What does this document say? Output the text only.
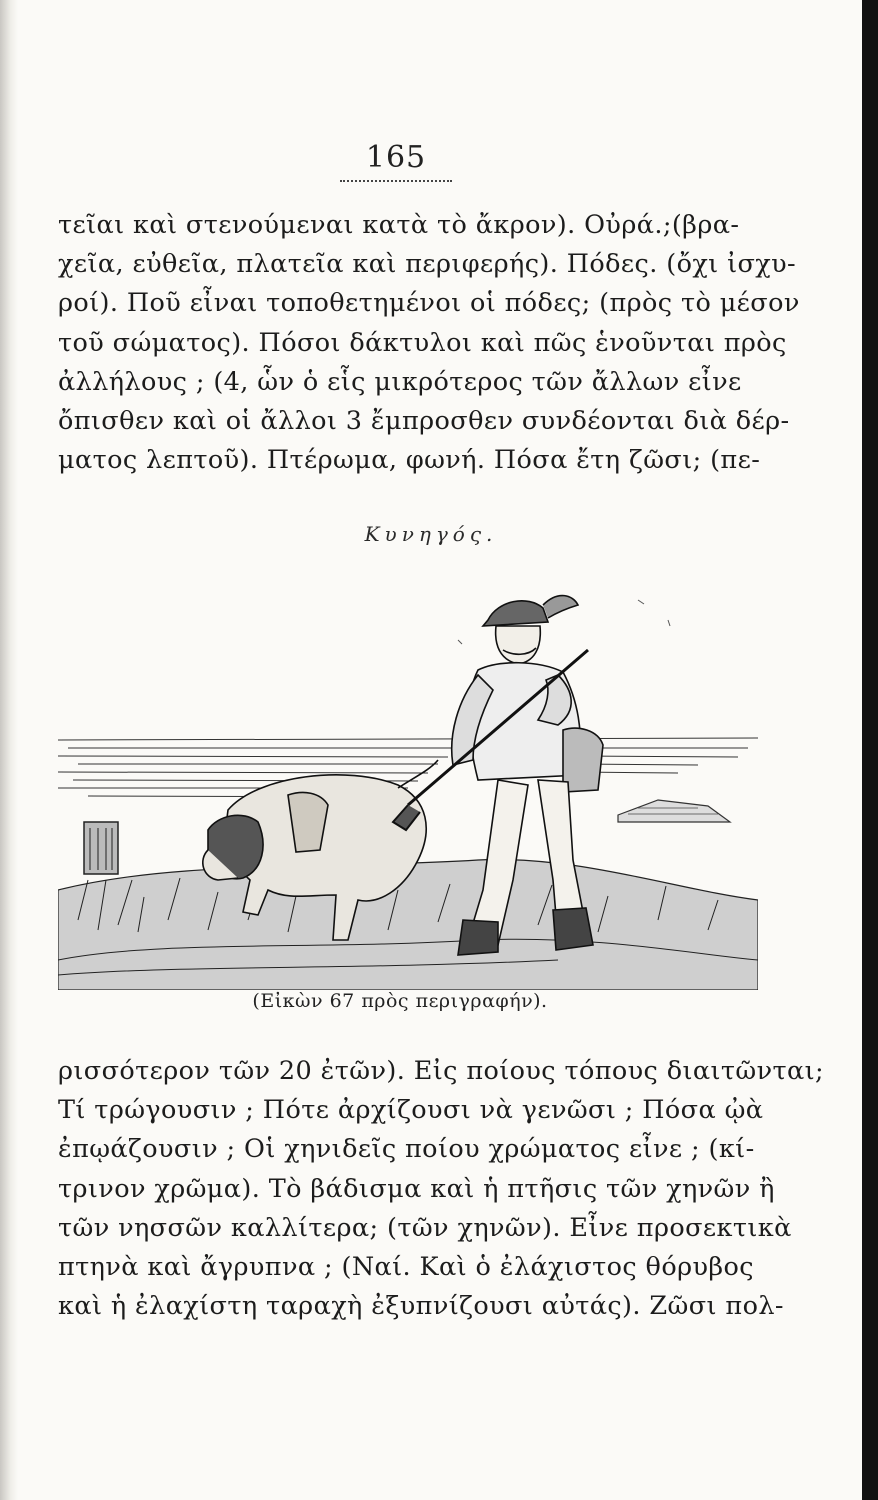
165
τεῖαι καὶ στενούμεναι κατὰ τὸ ἄκρον). Οὐρά.;(βρα-
χεῖα, εὐθεῖα, πλατεῖα καὶ περιφερής). Πόδες. (ὄχι ἰσχυ-
ροί). Ποῦ εἶναι τοποθετημένοι οἱ πόδες; (πρὸς τὸ μέσον
τοῦ σώματος). Πόσοι δάκτυλοι καὶ πῶς ἑνοῦνται πρὸς
ἀλλήλους ; (4, ὧν ὁ εἷς μικρότερος τῶν ἄλλων εἶνε
ὄπισθεν καὶ οἱ ἄλλοι 3 ἔμπροσθεν συνδέονται διὰ δέρ-
ματος λεπτοῦ). Πτέρωμα, φωνή. Πόσα ἔτη ζῶσι; (πε-
Κυνηγός.
(Εἰκὼν 67 πρὸς περιγραφήν).
ρισσότερον τῶν 20 ἐτῶν). Εἰς ποίους τόπους διαιτῶνται;
Τί τρώγουσιν ; Πότε ἀρχίζουσι νὰ γενῶσι ; Πόσα ᾠὰ
ἐπῳάζουσιν ; Οἱ χηνιδεῖς ποίου χρώματος εἶνε ; (κί-
τρινον χρῶμα). Τὸ βάδισμα καὶ ἡ πτῆσις τῶν χηνῶν ἢ
τῶν νησσῶν καλλίτερα; (τῶν χηνῶν). Εἶνε προσεκτικὰ
πτηνὰ καὶ ἄγρυπνα ; (Ναί. Καὶ ὁ ἐλάχιστος θόρυβος
καὶ ἡ ἐλαχίστη ταραχὴ ἐξυπνίζουσι αὐτάς). Ζῶσι πολ-
